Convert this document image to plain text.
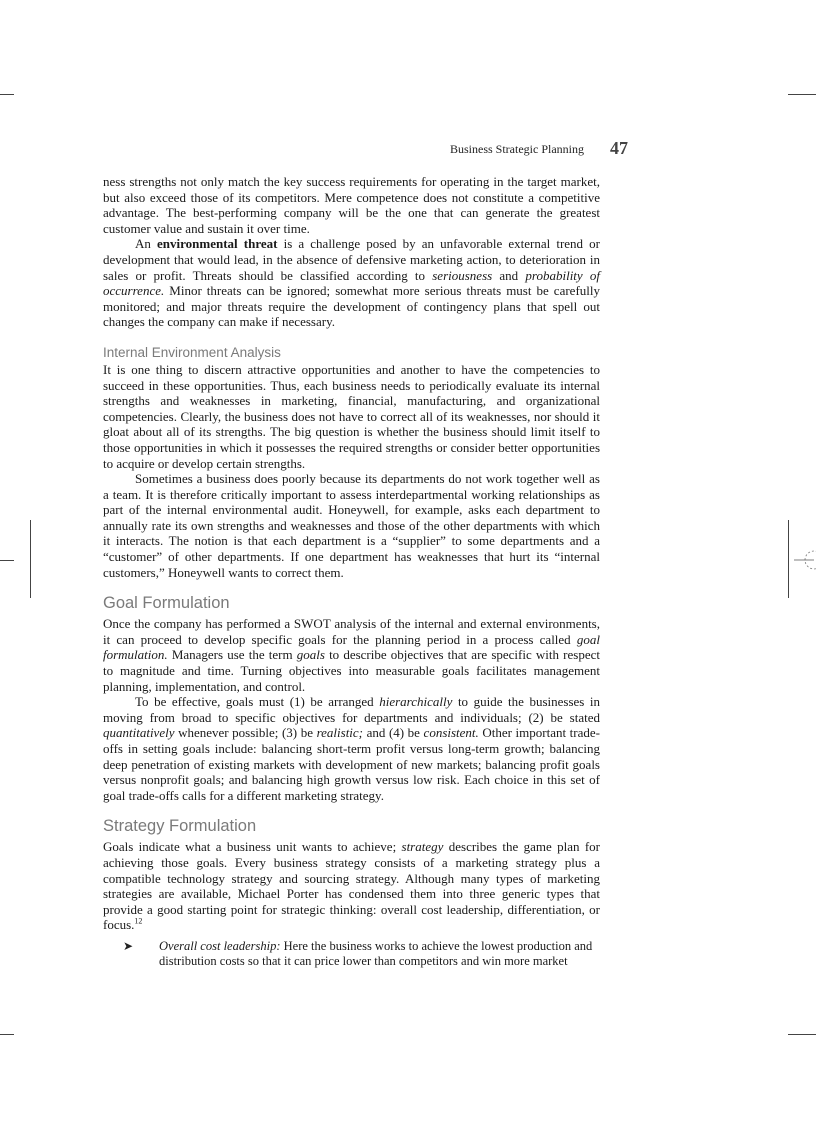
Business Strategic Planning 47

ness strengths not only match the key success requirements for operating in the target market, but also exceed those of its competitors. Mere competence does not constitute a competitive advantage. The best-performing company will be the one that can generate the greatest customer value and sustain it over time.

An environmental threat is a challenge posed by an unfavorable external trend or development that would lead, in the absence of defensive marketing action, to deterioration in sales or profit. Threats should be classified according to seriousness and probability of occurrence. Minor threats can be ignored; somewhat more serious threats must be carefully monitored; and major threats require the development of contingency plans that spell out changes the company can make if necessary.

Internal Environment Analysis

It is one thing to discern attractive opportunities and another to have the competencies to succeed in these opportunities. Thus, each business needs to periodically evaluate its internal strengths and weaknesses in marketing, financial, manufacturing, and organizational competencies. Clearly, the business does not have to correct all of its weaknesses, nor should it gloat about all of its strengths. The big question is whether the business should limit itself to those opportunities in which it possesses the required strengths or consider better opportunities to acquire or develop certain strengths.

Sometimes a business does poorly because its departments do not work together well as a team. It is therefore critically important to assess interdepartmental working relationships as part of the internal environmental audit. Honeywell, for example, asks each department to annually rate its own strengths and weaknesses and those of the other departments with which it interacts. The notion is that each department is a “supplier” to some departments and a “customer” of other departments. If one department has weaknesses that hurt its “internal customers,” Honeywell wants to correct them.

Goal Formulation

Once the company has performed a SWOT analysis of the internal and external environments, it can proceed to develop specific goals for the planning period in a process called goal formulation. Managers use the term goals to describe objectives that are specific with respect to magnitude and time. Turning objectives into measurable goals facilitates management planning, implementation, and control.

To be effective, goals must (1) be arranged hierarchically to guide the businesses in moving from broad to specific objectives for departments and individuals; (2) be stated quantitatively whenever possible; (3) be realistic; and (4) be consistent. Other important trade-offs in setting goals include: balancing short-term profit versus long-term growth; balancing deep penetration of existing markets with development of new markets; balancing profit goals versus nonprofit goals; and balancing high growth versus low risk. Each choice in this set of goal trade-offs calls for a different marketing strategy.

Strategy Formulation

Goals indicate what a business unit wants to achieve; strategy describes the game plan for achieving those goals. Every business strategy consists of a marketing strategy plus a compatible technology strategy and sourcing strategy. Although many types of marketing strategies are available, Michael Porter has condensed them into three generic types that provide a good starting point for strategic thinking: overall cost leadership, differentiation, or focus.$^{12}$

➤ Overall cost leadership: Here the business works to achieve the lowest production and distribution costs so that it can price lower than competitors and win more market
